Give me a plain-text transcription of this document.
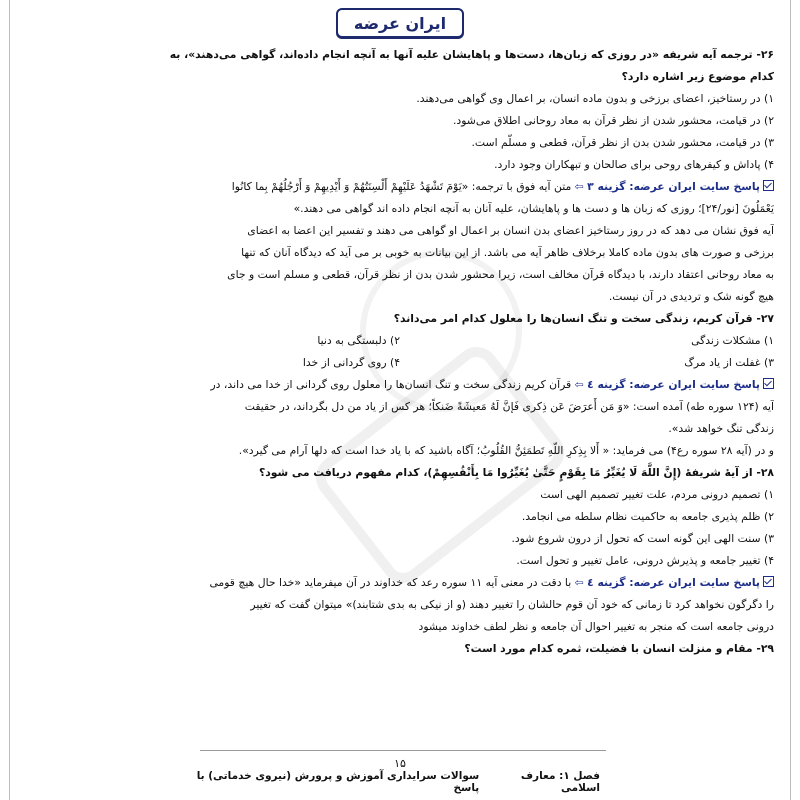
ایران عرضه
۲۶- ترجمه آیه شریفه «در روزی که زبان‌ها، دست‌ها و پاهایشان علیه آنها به آنچه انجام داده‌اند، گواهی می‌دهند»، به
کدام موضوع زیر اشاره دارد؟
۱) در رستاخیز، اعضای برزخی و بدون ماده انسان، بر اعمال وی گواهی می‌دهند.
۲) در قیامت، محشور شدن از نظر قرآن به معاد روحانی اطلاق می‌شود.
۳) در قیامت، محشور شدن بدن از نظر قرآن، قطعی و مسلّم است.
۴) پاداش و کیفرهای روحی برای صالحان و تبهکاران وجود دارد.
پاسخ سایت ایران عرضه: گزینه ۳ ⇦ متن آیه فوق با ترجمه: «یَوْمَ تَشْهَدُ عَلَیْهِمْ أَلْسِنَتُهُمْ وَ أَیْدِیهِمْ وَ أَرْجُلُهُمْ بِما کانُوا
یَعْمَلُونَ [نور/۲۴]؛ روزی که زبان ها و دست ها و پاهایشان، علیه آنان به آنچه انجام داده اند گواهی می دهند.»
آیه فوق نشان می دهد که در روز رستاخیز اعضای بدن انسان بر اعمال او گواهی می دهند و تفسیر این اعضا به اعضای
برزخی و صورت های بدون ماده کاملا برخلاف ظاهر آیه می باشد. از این بیانات به خوبی بر می آید که دیدگاه آنان که تنها
به معاد روحانی اعتقاد دارند، با دیدگاه قرآن مخالف است، زیرا محشور شدن بدن از نظر قرآن، قطعی و مسلم است و جای
هیچ گونه شک و تردیدی در آن نیست.
۲۷- قرآن کریم، زندگی سخت و تنگ انسان‌ها را معلول کدام امر می‌داند؟
۱) مشکلات زندگی
۲) دلبستگی به دنیا
۳) غفلت از یاد مرگ
۴) روی گردانی از خدا
پاسخ سایت ایران عرضه: گزینه ٤ ⇦ قرآن کریم زندگی سخت و تنگ انسان‌ها را معلول روی گردانی از خدا می داند، در
آیه (۱۲۴ سوره طه) آمده است: «وَ مَن أَعرَضَ عَن ذِکری فَإنَّ لَهُ مَعیشَةً ضَنکاً؛ هر کس از یاد من دل بگرداند، در حقیقت
زندگی تنگ خواهد شد».
و در (آیه ۲۸ سوره رع۴) می فرماید: « أَلا بِذِکرِ اللّهِ تَطمَئِنُّ القُلُوبُ؛ آگاه باشید که با یاد خدا است که دلها آرام می گیرد».
۲۸- از آیهٔ شریفهٔ (إِنَّ اللَّهَ لَا یُغَیِّرُ مَا بِقَوْمٍ حَتَّىٰ یُغَیِّرُوا مَا بِأَنْفُسِهِمْ)، کدام مفهوم دریافت می شود؟
۱) تصمیم درونی مردم، علت تغییر تصمیم الهی است
۲) ظلم پذیری جامعه به حاکمیت نظام سلطه می انجامد.
۳) سنت الهی این گونه است که تحول از درون شروع شود.
۴) تغییر جامعه و پذیرش درونی، عامل تغییر و تحول است.
پاسخ سایت ایران عرضه: گزینه ٤ ⇦ با دقت در معنی آیه ۱۱ سوره رعد که خداوند در آن میفرماید «خدا حال هیچ قومی
را دگرگون نخواهد کرد تا زمانی که خود آن قوم حالشان را تغییر دهند (و از نیکی به بدی شتابند)» میتوان گفت که تغییر
درونی جامعه است که منجر به تغییر احوال آن جامعه و نظر لطف خداوند میشود
۲۹- مقام و منزلت انسان با فضیلت، ثمره کدام مورد است؟
۱۵
فصل ۱: معارف اسلامی
سوالات سرایداری آموزش و پرورش (نیروی خدماتی) با پاسخ
